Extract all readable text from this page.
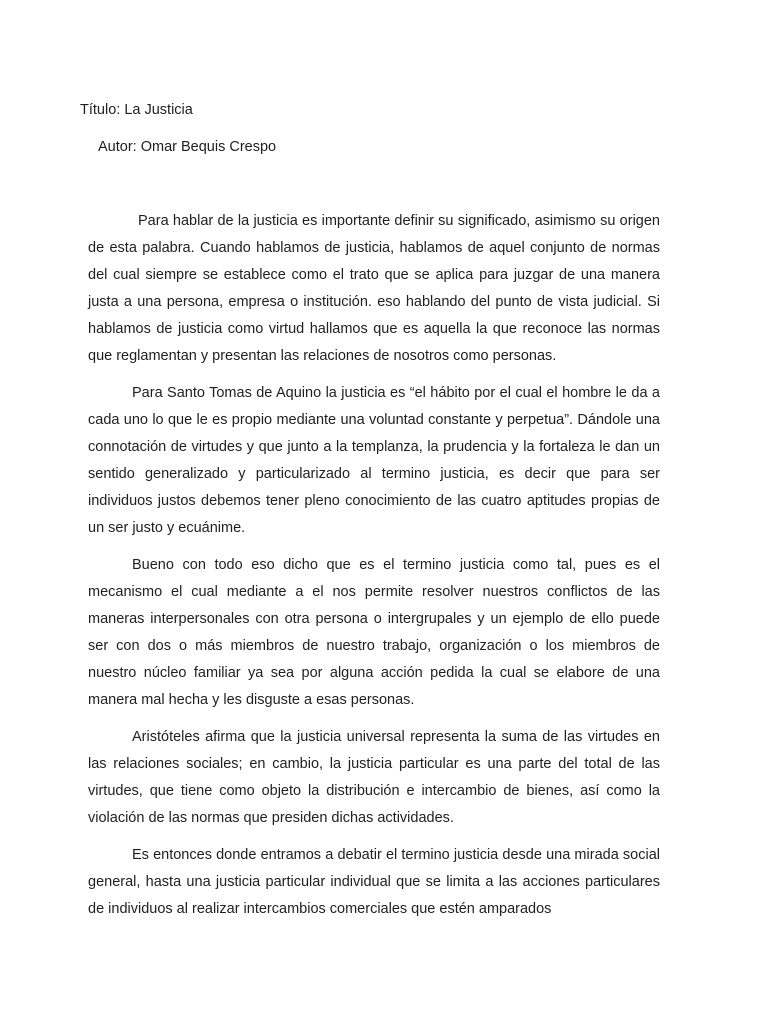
Título: La Justicia
Autor: Omar Bequis Crespo

Para hablar de la justicia es importante definir su significado, asimismo su origen de esta palabra. Cuando hablamos de justicia, hablamos de aquel conjunto de normas del cual siempre se establece como el trato que se aplica para juzgar de una manera justa a una persona, empresa o institución. eso hablando del punto de vista judicial. Si hablamos de justicia como virtud hallamos que es aquella la que reconoce las normas que reglamentan y presentan las relaciones de nosotros como personas.

Para Santo Tomas de Aquino la justicia es “el hábito por el cual el hombre le da a cada uno lo que le es propio mediante una voluntad constante y perpetua”. Dándole una connotación de virtudes y que junto a la templanza, la prudencia y la fortaleza le dan un sentido generalizado y particularizado al termino justicia, es decir que para ser individuos justos debemos tener pleno conocimiento de las cuatro aptitudes propias de un ser justo y ecuánime.

Bueno con todo eso dicho que es el termino justicia como tal, pues es el mecanismo el cual mediante a el nos permite resolver nuestros conflictos de las maneras interpersonales con otra persona o intergrupales y un ejemplo de ello puede ser con dos o más miembros de nuestro trabajo, organización o los miembros de nuestro núcleo familiar ya sea por alguna acción pedida la cual se elabore de una manera mal hecha y les disguste a esas personas.

Aristóteles afirma que la justicia universal representa la suma de las virtudes en las relaciones sociales; en cambio, la justicia particular es una parte del total de las virtudes, que tiene como objeto la distribución e intercambio de bienes, así como la violación de las normas que presiden dichas actividades.

Es entonces donde entramos a debatir el termino justicia desde una mirada social general, hasta una justicia particular individual que se limita a las acciones particulares de individuos al realizar intercambios comerciales que estén amparados
